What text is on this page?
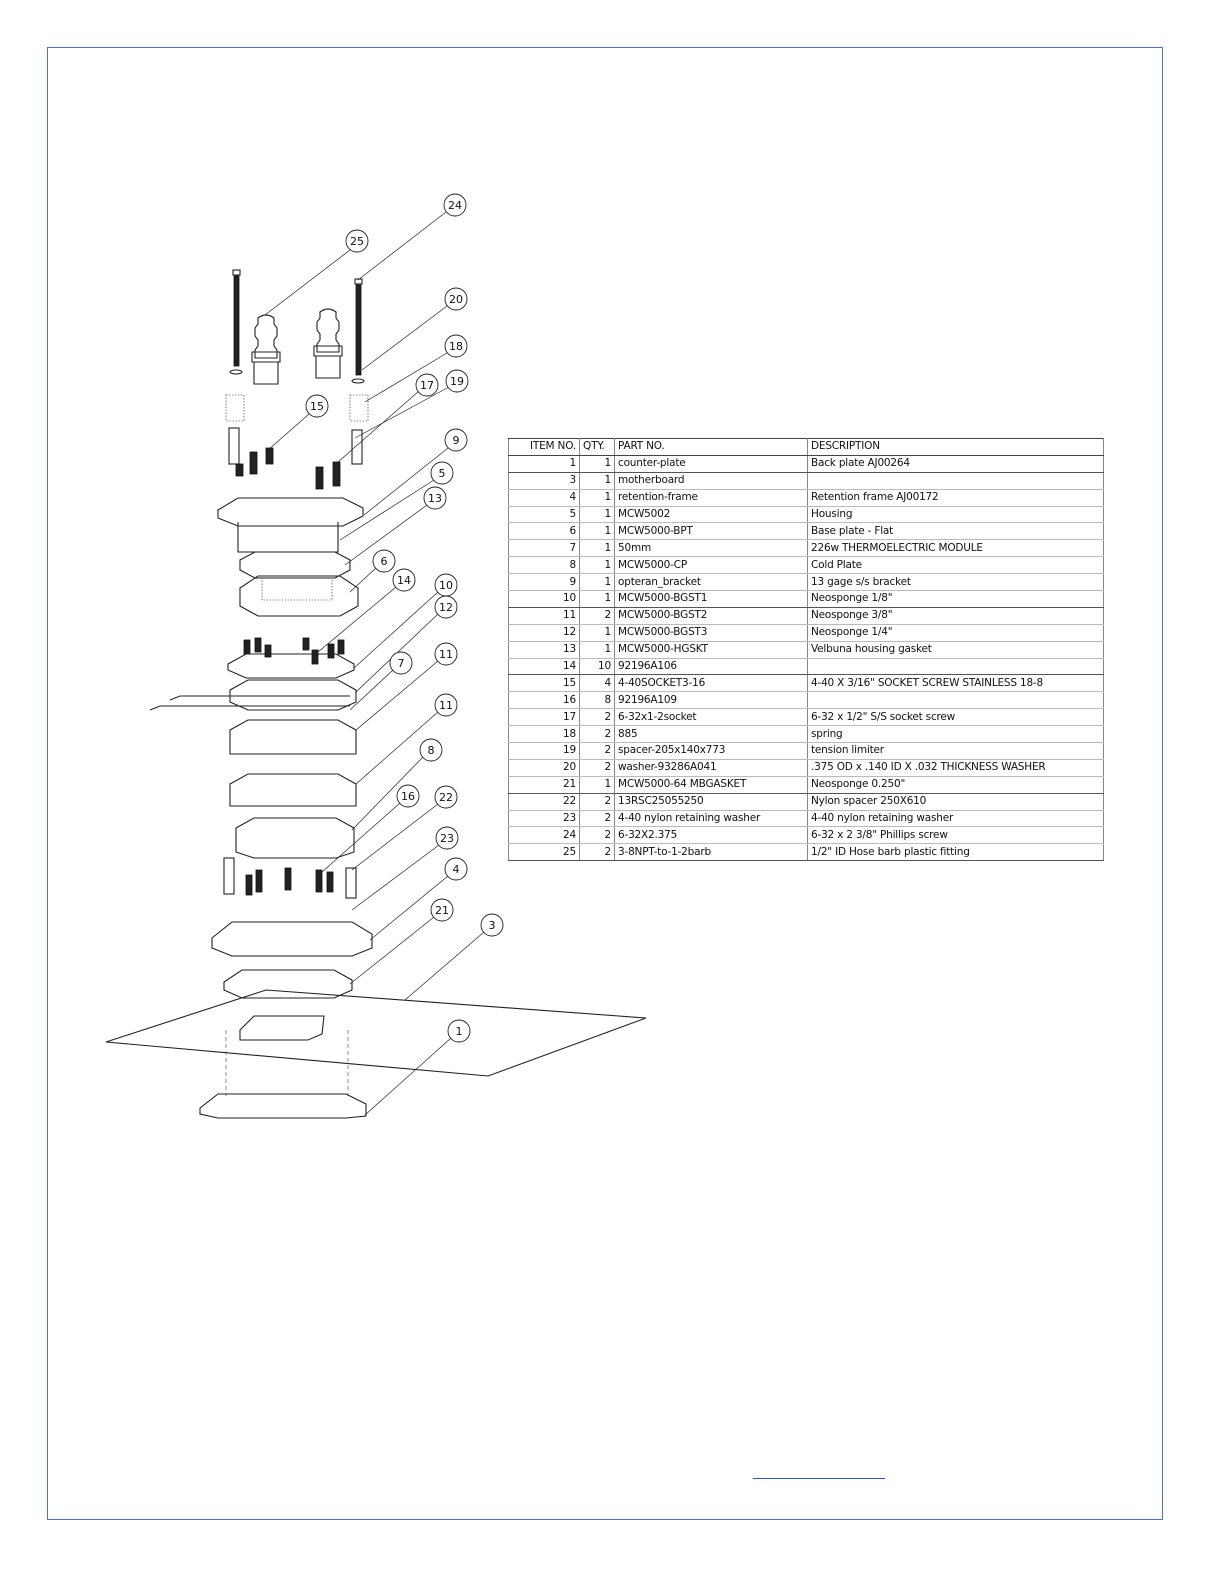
24
25
20
18
17 19
15
9
5
13
6
14	10
12
7
11
11
8
16 22
23
4
21
3
1
ITEM NO.	QTY.	PART NO.	DESCRIPTION
1	1	counter-plate	Back plate AJ00264
3	1	motherboard	
4	1	retention-frame	Retention frame AJ00172
5	1	MCW5002	Housing
6	1	MCW5000-BPT	Base plate - Flat
7	1	50mm	226w THERMOELECTRIC MODULE
8	1	MCW5000-CP	Cold Plate
9	1	opteran_bracket	13 gage s/s bracket
10	1	MCW5000-BGST1	Neosponge 1/8"
11	2	MCW5000-BGST2	Neosponge 3/8"
12	1	MCW5000-BGST3	Neosponge 1/4"
13	1	MCW5000-HGSKT	Velbuna housing gasket
14	10	92196A106	
15	4	4-40SOCKET3-16	4-40 X 3/16" SOCKET SCREW STAINLESS 18-8
16	8	92196A109	
17	2	6-32x1-2socket	6-32 x 1/2" S/S socket screw
18	2	885	spring
19	2	spacer-205x140x773	tension limiter
20	2	washer-93286A041	.375 OD x .140 ID X .032 THICKNESS WASHER
21	1	MCW5000-64 MBGASKET	Neosponge 0.250"
22	2	13RSC25055250	Nylon spacer 250X610
23	2	4-40 nylon retaining washer	4-40 nylon retaining washer
24	2	6-32X2.375	6-32 x 2 3/8" Phillips screw
25	2	3-8NPT-to-1-2barb	1/2" ID Hose barb plastic fitting
